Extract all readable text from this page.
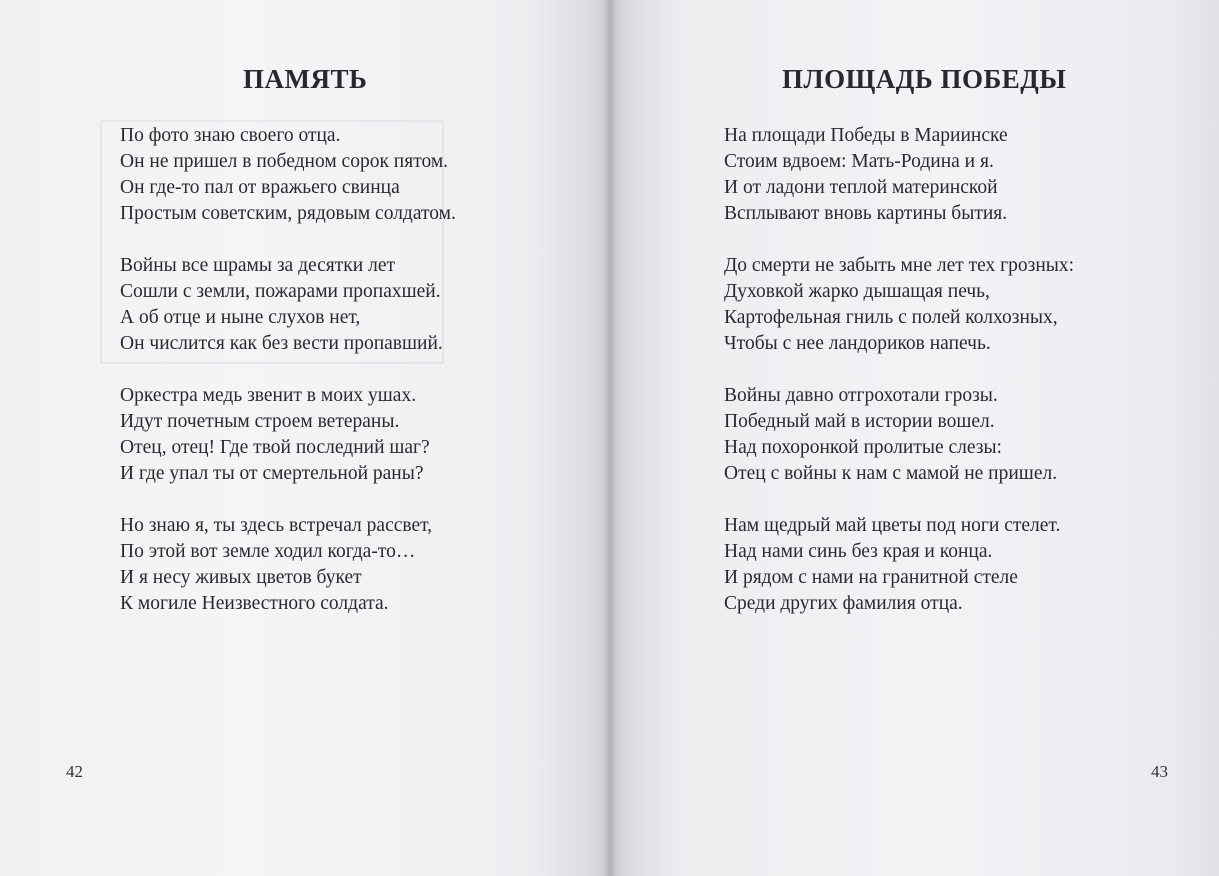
ПАМЯТЬ

По фото знаю своего отца.
Он не пришел в победном сорок пятом.
Он где-то пал от вражьего свинца
Простым советским, рядовым солдатом.

Войны все шрамы за десятки лет
Сошли с земли, пожарами пропахшей.
А об отце и ныне слухов нет,
Он числится как без вести пропавший.

Оркестра медь звенит в моих ушах.
Идут почетным строем ветераны.
Отец, отец! Где твой последний шаг?
И где упал ты от смертельной раны?

Но знаю я, ты здесь встречал рассвет,
По этой вот земле ходил когда-то…
И я несу живых цветов букет
К могиле Неизвестного солдата.

42
ПЛОЩАДЬ ПОБЕДЫ

На площади Победы в Мариинске
Стоим вдвоем: Мать-Родина и я.
И от ладони теплой материнской
Всплывают вновь картины бытия.

До смерти не забыть мне лет тех грозных:
Духовкой жарко дышащая печь,
Картофельная гниль с полей колхозных,
Чтобы с нее ландориков напечь.

Войны давно отгрохотали грозы.
Победный май в истории вошел.
Над похоронкой пролитые слезы:
Отец с войны к нам с мамой не пришел.

Нам щедрый май цветы под ноги стелет.
Над нами синь без края и конца.
И рядом с нами на гранитной стеле
Среди других фамилия отца.

43
